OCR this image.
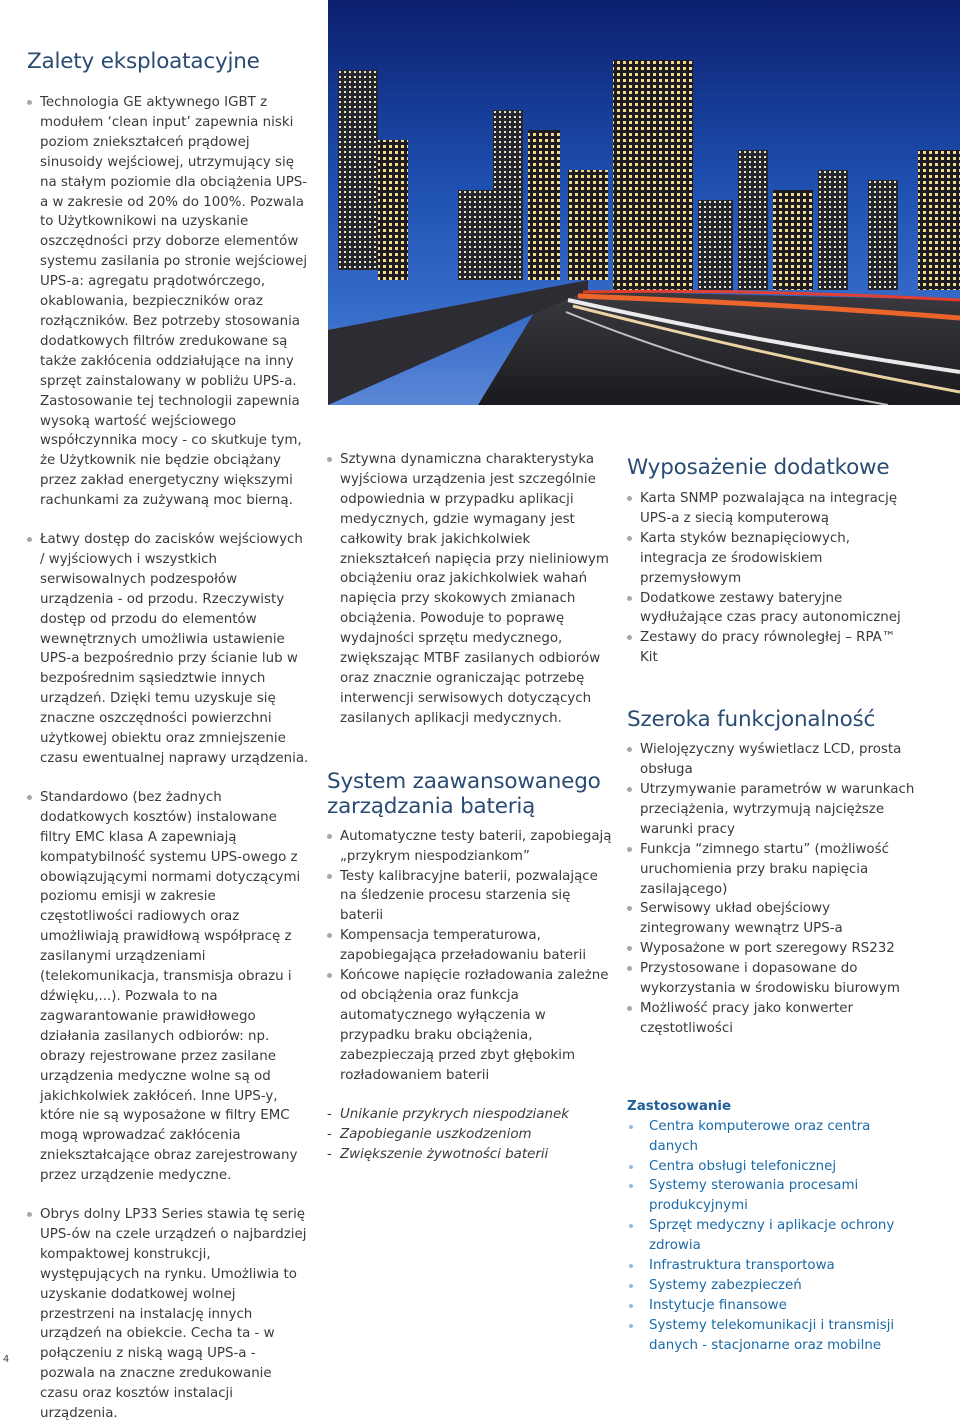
Zalety eksploatacyjne
Technologia GE aktywnego IGBT z modułem ‘clean input’ zapewnia niski poziom zniekształceń prądowej sinusoidy wejściowej, utrzymujący się na stałym poziomie dla obciążenia UPS-a w zakresie od 20% do 100%. Pozwala to Użytkownikowi na uzyskanie oszczędności przy doborze elementów systemu zasilania po stronie wejściowej UPS-a: agregatu prądotwórczego, okablowania, bezpieczników oraz rozłączników. Bez potrzeby stosowania dodatkowych filtrów zredukowane są także zakłócenia oddziałujące na inny sprzęt zainstalowany w pobliżu UPS-a. Zastosowanie tej technologii zapewnia wysoką wartość wejściowego współczynnika mocy - co skutkuje tym, że Użytkownik nie będzie obciążany przez zakład energetyczny większymi rachunkami za zużywaną moc bierną.
Łatwy dostęp do zacisków wejściowych / wyjściowych i wszystkich serwisowalnych podzespołów urządzenia - od przodu. Rzeczywisty dostęp od przodu do elementów wewnętrznych umożliwia ustawienie UPS-a bezpośrednio przy ścianie lub w bezpośrednim sąsiedztwie innych urządzeń. Dzięki temu uzyskuje się znaczne oszczędności powierzchni użytkowej obiektu oraz zmniejszenie czasu ewentualnej naprawy urządzenia.
Standardowo (bez żadnych dodatkowych kosztów) instalowane filtry EMC klasa A zapewniają kompatybilność systemu UPS-owego z obowiązującymi normami dotyczącymi poziomu emisji w zakresie częstotliwości radiowych oraz umożliwiają prawidłową współpracę z zasilanymi urządzeniami (telekomunikacja, transmisja obrazu i dźwięku,...). Pozwala to na zagwarantowanie prawidłowego działania zasilanych odbiorów: np. obrazy rejestrowane przez zasilane urządzenia medyczne wolne są od jakichkolwiek zakłóceń. Inne UPS-y, które nie są wyposażone w filtry EMC mogą wprowadzać zakłócenia zniekształcające obraz zarejestrowany przez urządzenie medyczne.
Obrys dolny LP33 Series stawia tę serię UPS-ów na czele urządzeń o najbardziej kompaktowej konstrukcji, występujących na rynku. Umożliwia to uzyskanie dodatkowej wolnej przestrzeni na instalację innych urządzeń na obiekcie. Cecha ta - w połączeniu z niską wagą UPS-a - pozwala na znaczne zredukowanie czasu oraz kosztów instalacji urządzenia.
Sztywna dynamiczna charakterystyka wyjściowa urządzenia jest szczególnie odpowiednia w przypadku aplikacji medycznych, gdzie wymagany jest całkowity brak jakichkolwiek zniekształceń napięcia przy nieliniowym obciążeniu oraz jakichkolwiek wahań napięcia przy skokowych zmianach obciążenia. Powoduje to poprawę wydajności sprzętu medycznego, zwiększając MTBF zasilanych odbiorów oraz znacznie ograniczając potrzebę interwencji serwisowych dotyczących zasilanych aplikacji medycznych.
System zaawansowanego zarządzania baterią
Automatyczne testy baterii, zapobiegają „przykrym niespodziankom”
Testy kalibracyjne baterii, pozwalające na śledzenie procesu starzenia się baterii
Kompensacja temperaturowa, zapobiegająca przeładowaniu baterii
Końcowe napięcie rozładowania zależne od obciążenia oraz funkcja automatycznego wyłączenia w przypadku braku obciążenia, zabezpieczają przed zbyt głębokim rozładowaniem baterii
- Unikanie przykrych niespodzianek
- Zapobieganie uszkodzeniom
- Zwiększenie żywotności baterii
Wyposażenie dodatkowe
Karta SNMP pozwalająca na integrację UPS-a z siecią komputerową
Karta styków beznapięciowych, integracja ze środowiskiem przemysłowym
Dodatkowe zestawy bateryjne wydłużające czas pracy autonomicznej
Zestawy do pracy równoległej – RPA™ Kit
Szeroka funkcjonalność
Wielojęzyczny wyświetlacz LCD, prosta obsługa
Utrzymywanie parametrów w warunkach przeciążenia, wytrzymują najcięższe warunki pracy
Funkcja “zimnego startu” (możliwość uruchomienia przy braku napięcia zasilającego)
Serwisowy układ obejściowy zintegrowany wewnątrz UPS-a
Wyposażone w port szeregowy RS232
Przystosowane i dopasowane do wykorzystania w środowisku biurowym
Możliwość pracy jako konwerter częstotliwości
Zastosowanie
Centra komputerowe oraz centra danych
Centra obsługi telefonicznej
Systemy sterowania procesami produkcyjnymi
Sprzęt medyczny i aplikacje ochrony zdrowia
Infrastruktura transportowa
Systemy zabezpieczeń
Instytucje finansowe
Systemy telekomunikacji i transmisji danych - stacjonarne oraz mobilne
4
